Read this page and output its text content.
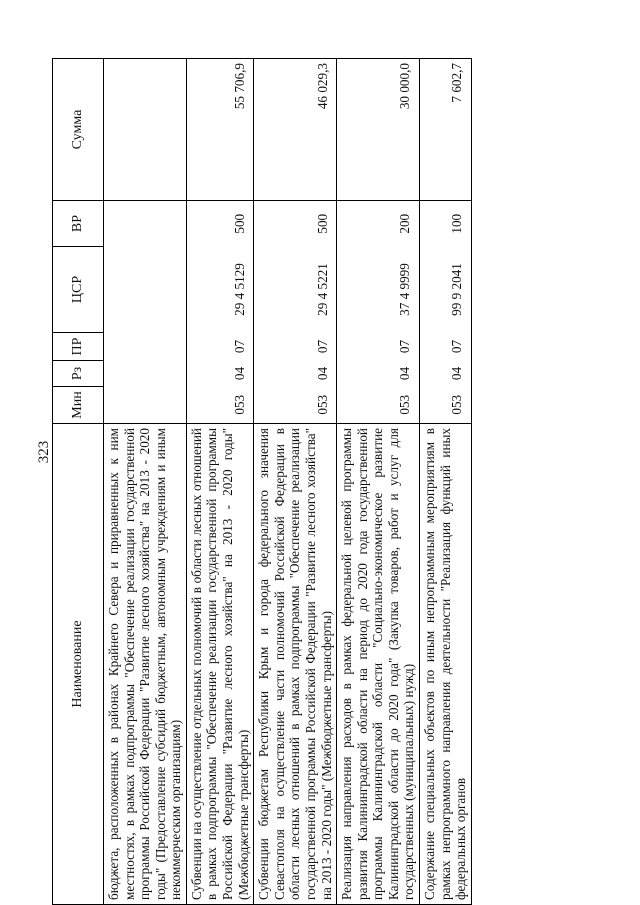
323
Наименование	Мин	Рз	ПР	ЦСР	ВР	Сумма
бюджета, расположенных в районах Крайнего Севера и приравненных к ним местностях, в рамках подпрограммы "Обеспечение реализации государственной программы Российской Федерации "Развитие лесного хозяйства" на 2013 - 2020 годы" (Предоставление субсидий бюджетным, автономным учреждениям и иным некоммерческим организациям)						
Субвенции на осуществление отдельных полномочий в области лесных отношений в рамках подпрограммы "Обеспечение реализации государственной программы Российской Федерации "Развитие лесного хозяйства" на 2013 - 2020 годы" (Межбюджетные трансферты)	053	04	07	29 4 5129	500	55 706,9
Субвенции бюджетам Республики Крым и города федерального значения Севастополя на осуществление части полномочий Российской Федерации в области лесных отношений в рамках подпрограммы "Обеспечение реализации государственной программы Российской Федерации "Развитие лесного хозяйства" на 2013 - 2020 годы" (Межбюджетные трансферты)	053	04	07	29 4 5221	500	46 029,3
Реализация направления расходов в рамках федеральной целевой программы развития Калининградской области на период до 2020 года государственной программы Калининградской области "Социально-экономическое развитие Калининградской области до 2020 года" (Закупка товаров, работ и услуг для государственных (муниципальных) нужд)	053	04	07	37 4 9999	200	30 000,0
Содержание специальных объектов по иным непрограммным мероприятиям в рамках непрограммного направления деятельности "Реализация функций иных федеральных органов	053	04	07	99 9 2041	100	7 602,7
